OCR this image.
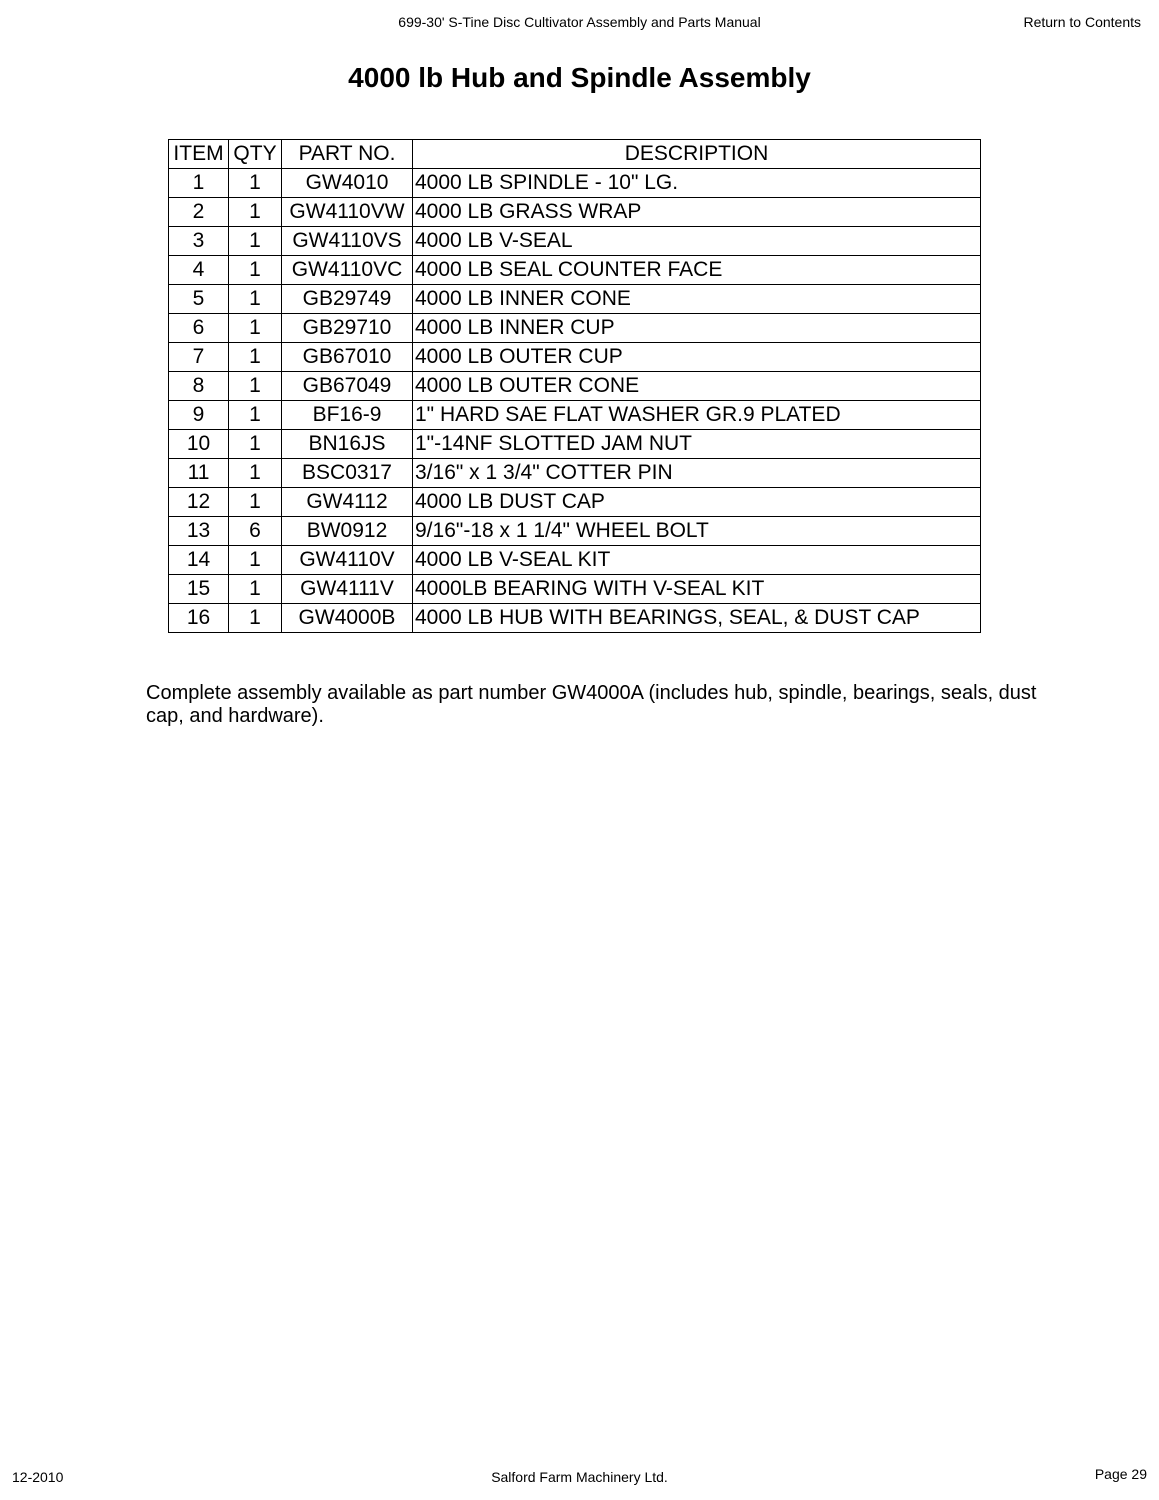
699-30' S-Tine Disc Cultivator Assembly and Parts Manual	Return to Contents
4000 lb Hub and Spindle Assembly
ITEM	QTY	PART NO.	DESCRIPTION
1	1	GW4010	4000 LB SPINDLE - 10" LG.
2	1	GW4110VW	4000 LB GRASS WRAP
3	1	GW4110VS	4000 LB V-SEAL
4	1	GW4110VC	4000 LB SEAL COUNTER FACE
5	1	GB29749	4000 LB INNER CONE
6	1	GB29710	4000 LB INNER CUP
7	1	GB67010	4000 LB OUTER CUP
8	1	GB67049	4000 LB OUTER CONE
9	1	BF16-9	1" HARD SAE FLAT WASHER GR.9 PLATED
10	1	BN16JS	1"-14NF SLOTTED JAM NUT
11	1	BSC0317	3/16" x 1 3/4" COTTER PIN
12	1	GW4112	4000 LB DUST CAP
13	6	BW0912	9/16"-18 x 1 1/4" WHEEL BOLT
14	1	GW4110V	4000 LB V-SEAL KIT
15	1	GW4111V	4000LB BEARING WITH V-SEAL KIT
16	1	GW4000B	4000 LB HUB WITH BEARINGS, SEAL, & DUST CAP
Complete assembly available as part number GW4000A (includes hub, spindle, bearings, seals, dust cap, and hardware).
12-2010	Salford Farm Machinery Ltd.	Page 29
